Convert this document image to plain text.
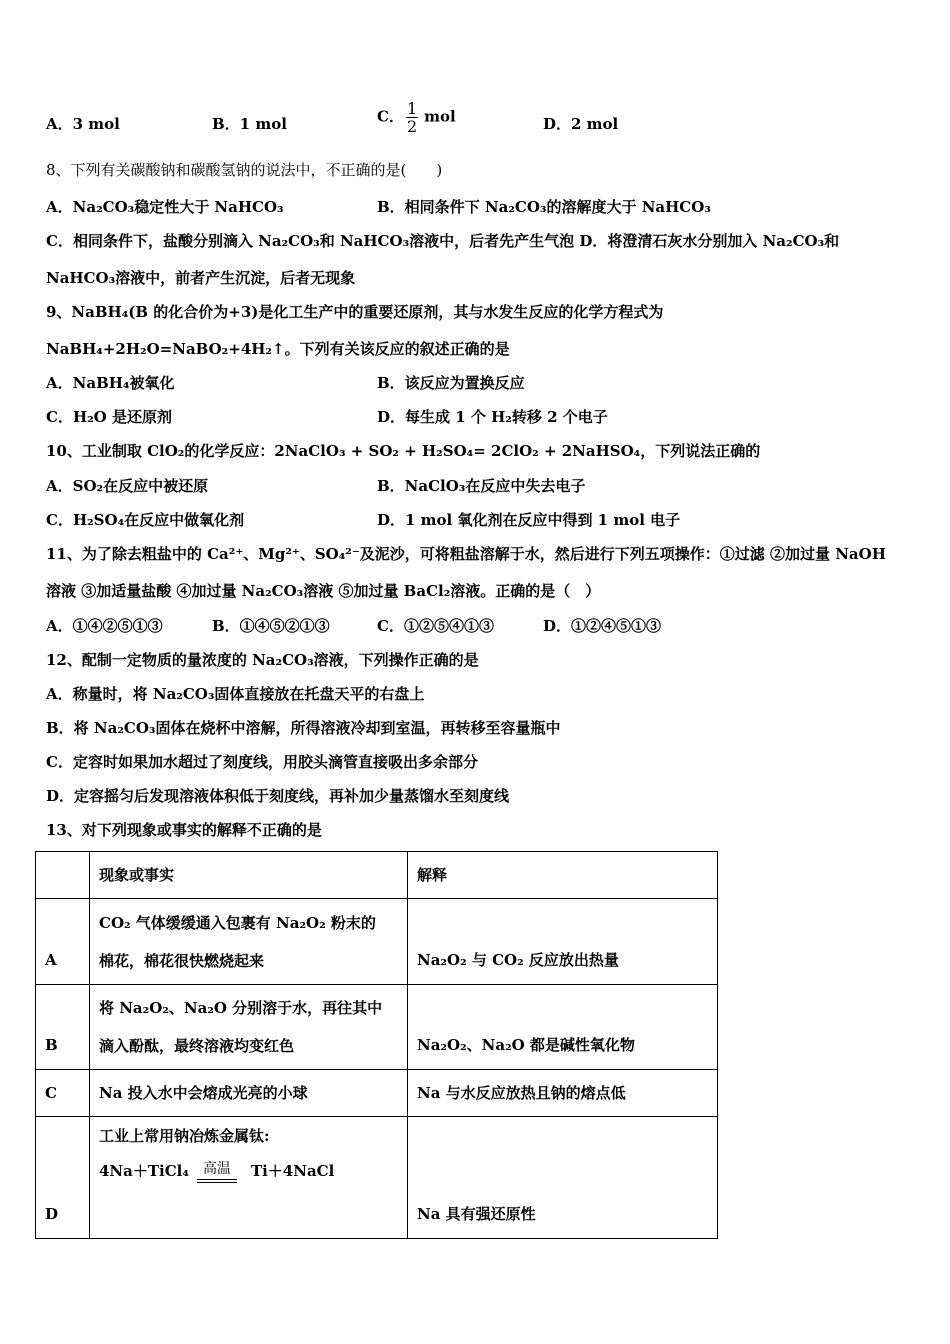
A．3 mol	B．1 mol	C． $\frac{1}{2}$ mol	D．2 mol
8、下列有关碳酸钠和碳酸氢钠的说法中，不正确的是(　　)
A．Na₂CO₃稳定性大于 NaHCO₃	B．相同条件下 Na₂CO₃的溶解度大于 NaHCO₃
C．相同条件下，盐酸分别滴入 Na₂CO₃和 NaHCO₃溶液中，后者先产生气泡 D．将澄清石灰水分别加入 Na₂CO₃和
NaHCO₃溶液中，前者产生沉淀，后者无现象
9、NaBH₄(B 的化合价为+3)是化工生产中的重要还原剂，其与水发生反应的化学方程式为
NaBH₄+2H₂O=NaBO₂+4H₂↑。下列有关该反应的叙述正确的是
A．NaBH₄被氧化	B．该反应为置换反应
C．H₂O 是还原剂	D．每生成 1 个 H₂转移 2 个电子
10、工业制取 ClO₂的化学反应：2NaClO₃ + SO₂ + H₂SO₄= 2ClO₂ + 2NaHSO₄，下列说法正确的
A．SO₂在反应中被还原	B．NaClO₃在反应中失去电子
C．H₂SO₄在反应中做氧化剂	D．1 mol 氧化剂在反应中得到 1 mol 电子
11、为了除去粗盐中的 Ca²⁺、Mg²⁺、SO₄²⁻及泥沙，可将粗盐溶解于水，然后进行下列五项操作：①过滤 ②加过量 NaOH
溶液 ③加适量盐酸 ④加过量 Na₂CO₃溶液 ⑤加过量 BaCl₂溶液。正确的是（　）
A．①④②⑤①③	B．①④⑤②①③	C．①②⑤④①③	D．①②④⑤①③
12、配制一定物质的量浓度的 Na₂CO₃溶液，下列操作正确的是
A．称量时，将 Na₂CO₃固体直接放在托盘天平的右盘上
B．将 Na₂CO₃固体在烧杯中溶解，所得溶液冷却到室温，再转移至容量瓶中
C．定容时如果加水超过了刻度线，用胶头滴管直接吸出多余部分
D．定容摇匀后发现溶液体积低于刻度线，再补加少量蒸馏水至刻度线
13、对下列现象或事实的解释不正确的是
	现象或事实	解释
A	CO₂ 气体缓缓通入包裹有 Na₂O₂ 粉末的
棉花，棉花很快燃烧起来	Na₂O₂ 与 CO₂ 反应放出热量
B	将 Na₂O₂、Na₂O 分别溶于水，再往其中
滴入酚酞，最终溶液均变红色	Na₂O₂、Na₂O 都是碱性氧化物
C	Na 投入水中会熔成光亮的小球	Na 与水反应放热且钠的熔点低
D	工业上常用钠冶炼金属钛:
4Na＋TiCl₄ 高温 Ti＋4NaCl	Na 具有强还原性
